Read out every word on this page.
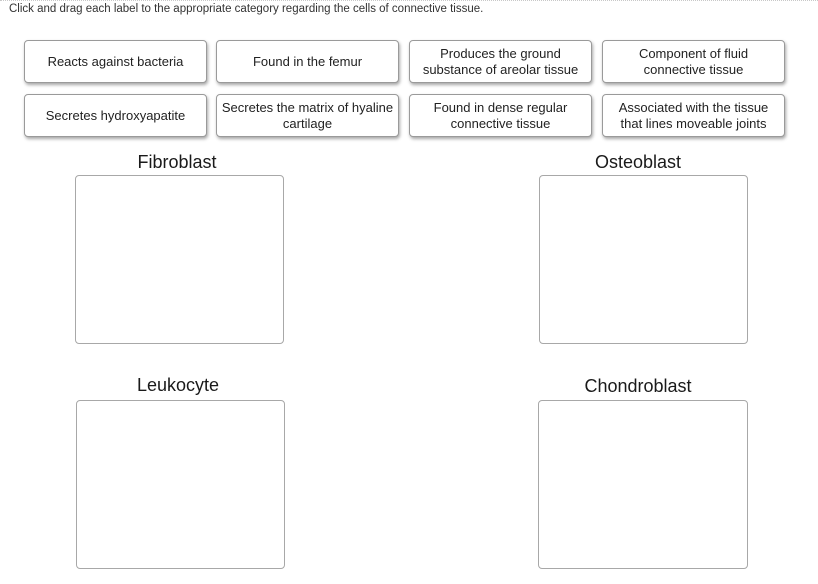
Click and drag each label to the appropriate category regarding the cells of connective tissue.
Reacts against bacteria	Found in the femur
Produces the ground substance of areolar tissue
Component of fluid connective tissue
Secretes hydroxyapatite
Secretes the matrix of hyaline cartilage
Found in dense regular connective tissue
Associated with the tissue that lines moveable joints
Fibroblast	Osteoblast
Leukocyte	Chondroblast
